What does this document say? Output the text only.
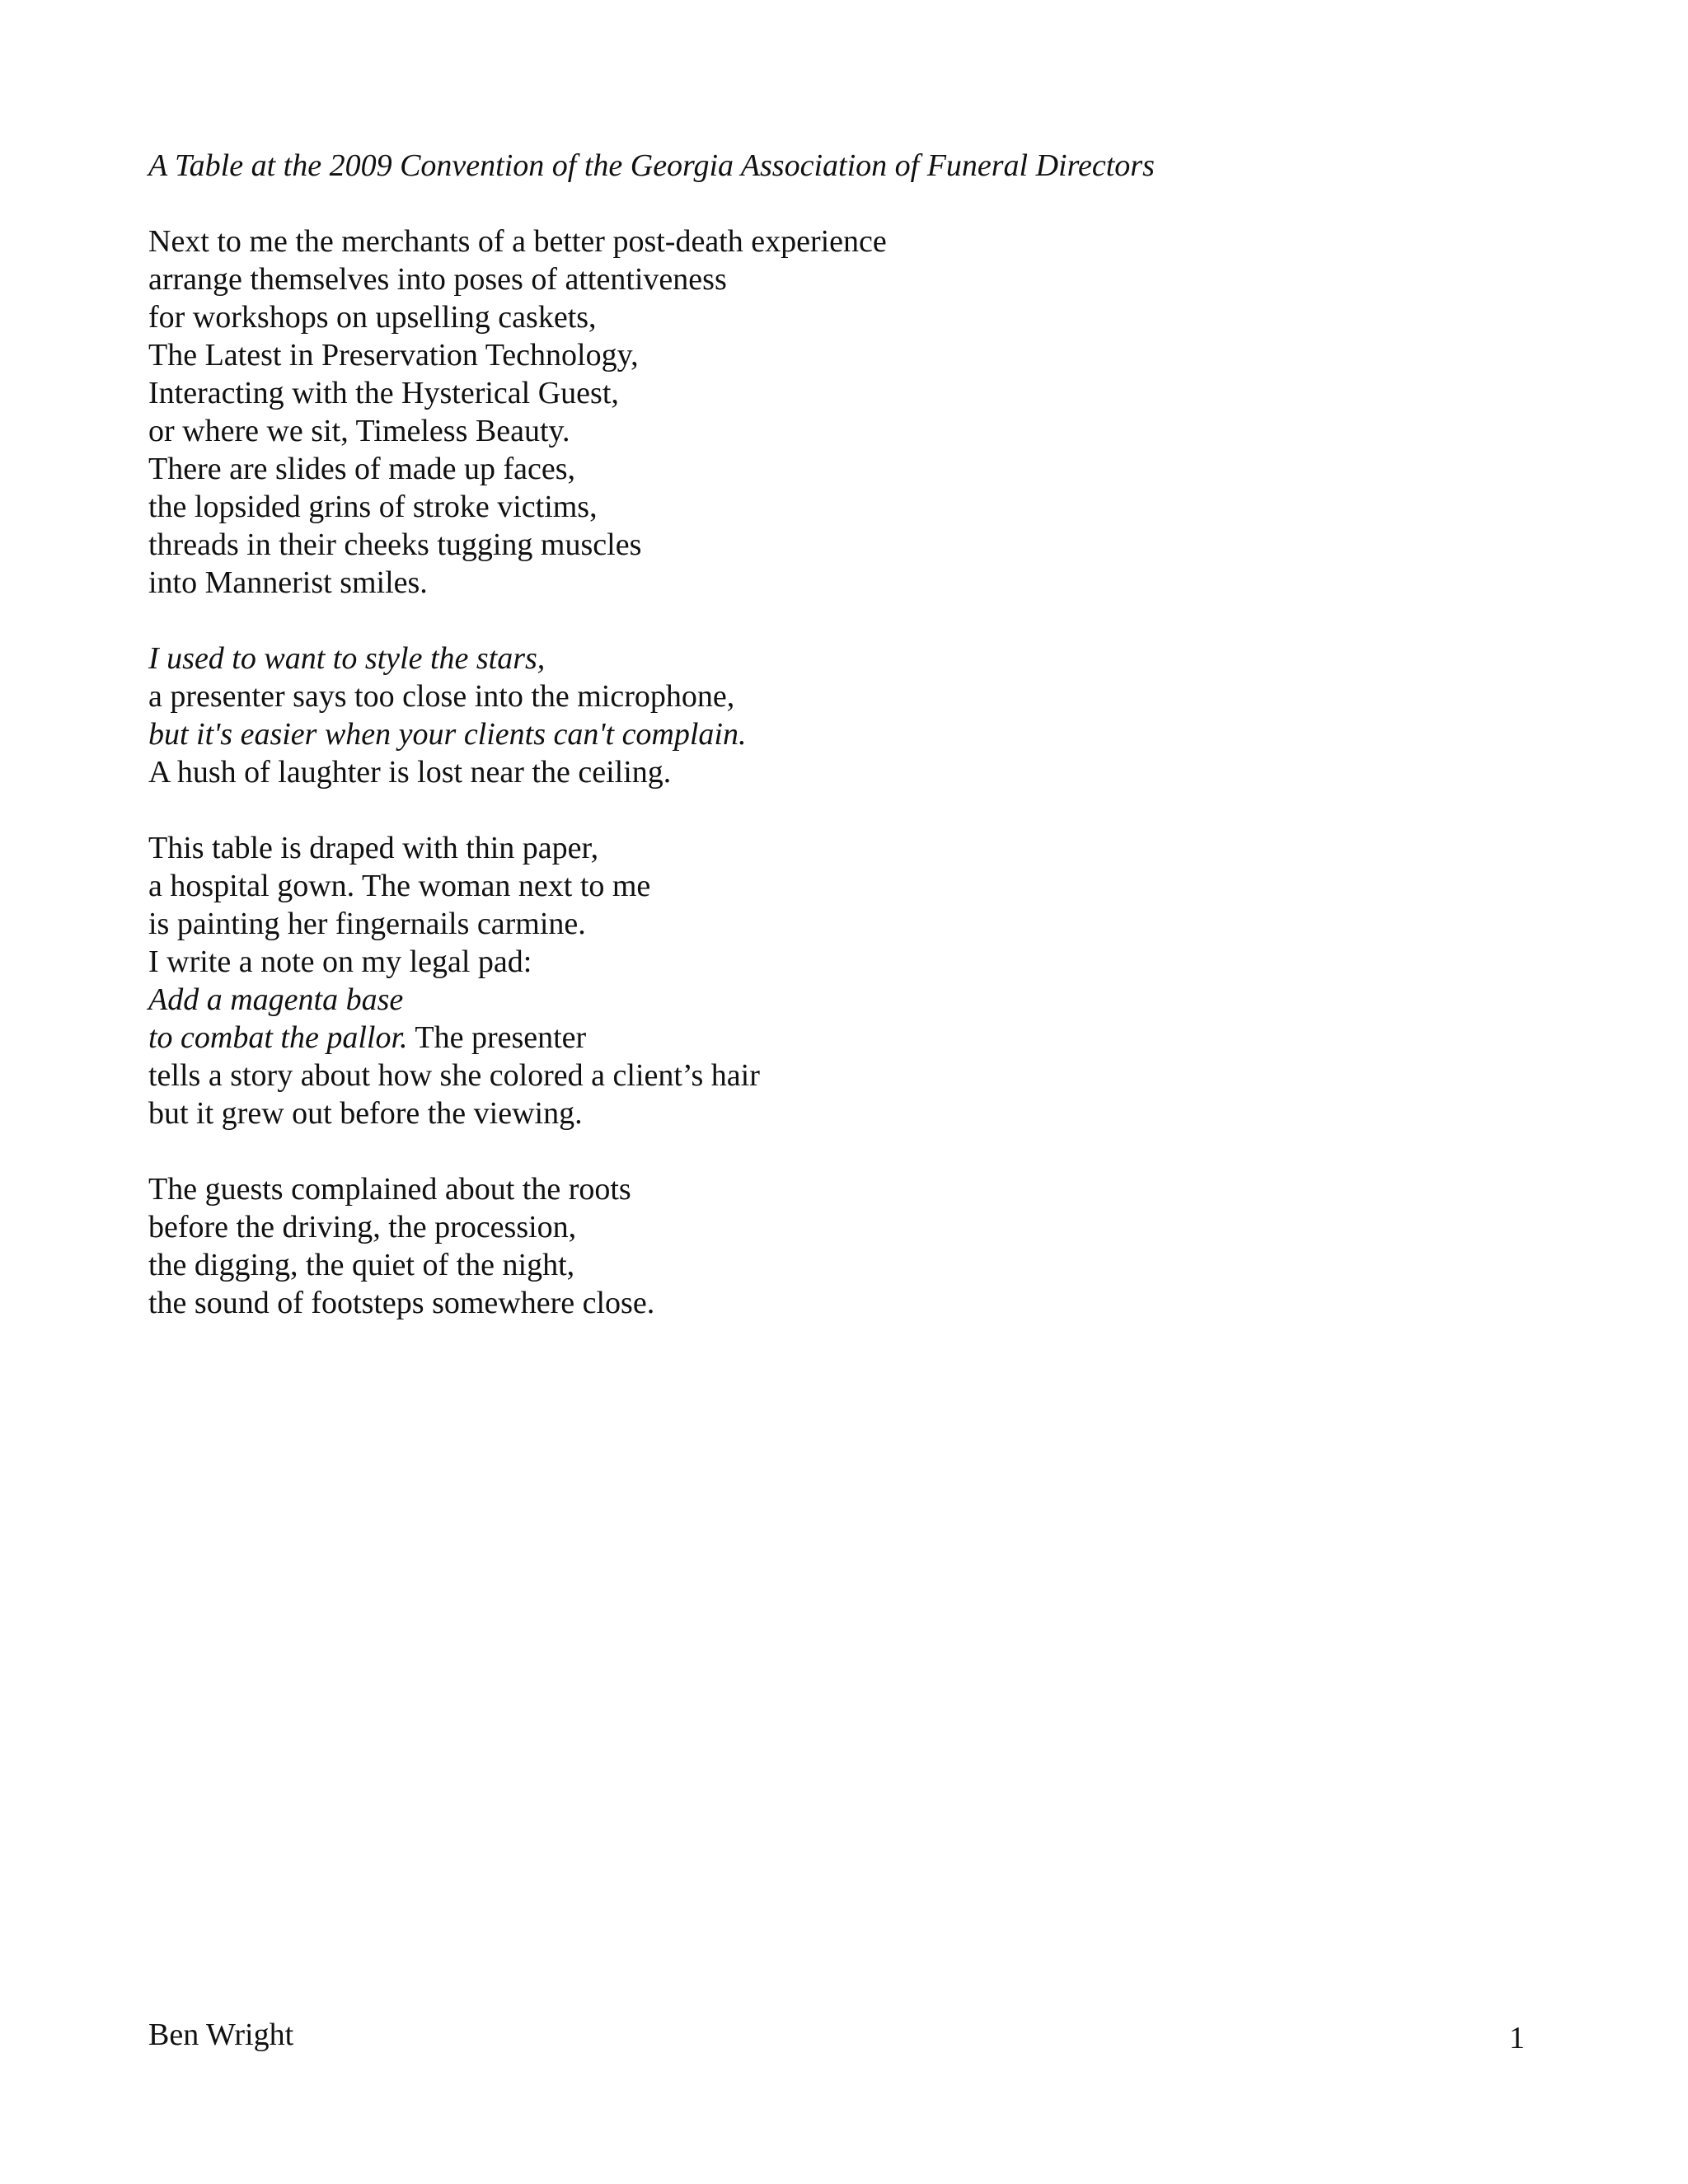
A Table at the 2009 Convention of the Georgia Association of Funeral Directors
Next to me the merchants of a better post-death experience
arrange themselves into poses of attentiveness
for workshops on upselling caskets,
The Latest in Preservation Technology,
Interacting with the Hysterical Guest,
or where we sit, Timeless Beauty.
There are slides of made up faces,
the lopsided grins of stroke victims,
threads in their cheeks tugging muscles
into Mannerist smiles.
I used to want to style the stars,
a presenter says too close into the microphone,
but it's easier when your clients can't complain.
A hush of laughter is lost near the ceiling.
This table is draped with thin paper,
a hospital gown. The woman next to me
is painting her fingernails carmine.
I write a note on my legal pad:
Add a magenta base
to combat the pallor. The presenter
tells a story about how she colored a client’s hair
but it grew out before the viewing.
The guests complained about the roots
before the driving, the procession,
the digging, the quiet of the night,
the sound of footsteps somewhere close.
Ben Wright	1
